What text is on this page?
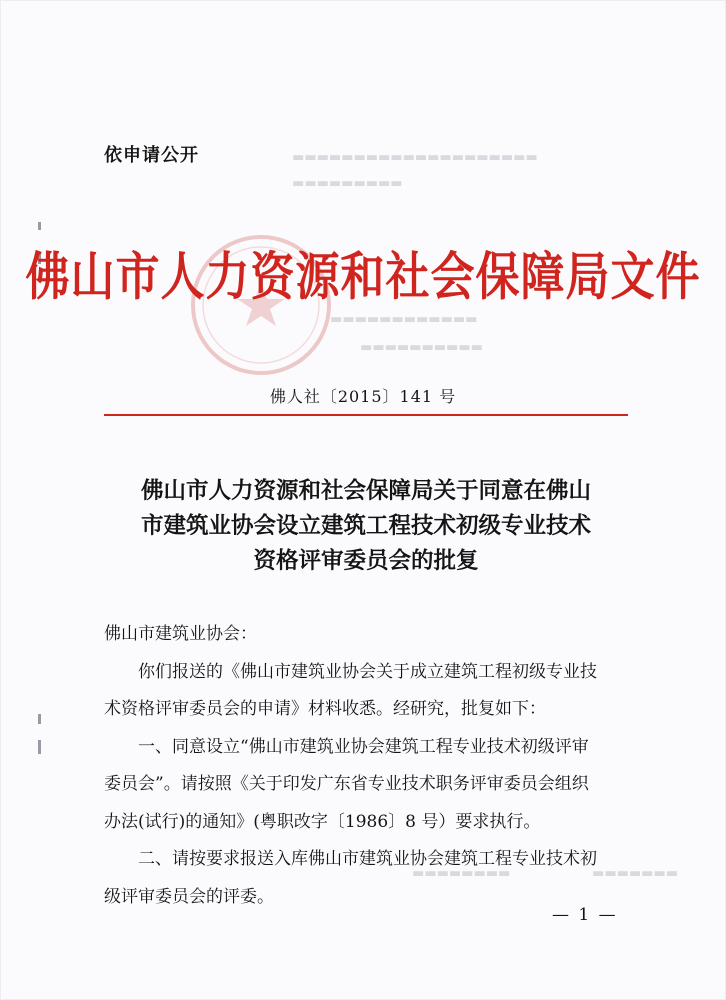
▬▬▬▬▬▬▬▬▬▬▬▬▬▬▬▬▬▬▬▬
▬▬▬▬▬▬▬▬▬
▬▬▬▬▬▬▬▬▬▬▬▬
▬▬▬▬▬▬▬▬▬▬
▬▬▬▬▬▬▬▬	▬▬▬▬▬▬▬
依申请公开
佛山市人力资源和社会保障局文件
佛人社〔2015〕141 号
佛山市人力资源和社会保障局关于同意在佛山
市建筑业协会设立建筑工程技术初级专业技术
资格评审委员会的批复
佛山市建筑业协会：
你们报送的《佛山市建筑业协会关于成立建筑工程初级专业技
术资格评审委员会的申请》材料收悉。经研究，批复如下：
一、同意设立“佛山市建筑业协会建筑工程专业技术初级评审
委员会”。请按照《关于印发广东省专业技术职务评审委员会组织
办法(试行)的通知》(粤职改字〔1986〕8 号）要求执行。
二、请按要求报送入库佛山市建筑业协会建筑工程专业技术初
级评审委员会的评委。
— 1 —
